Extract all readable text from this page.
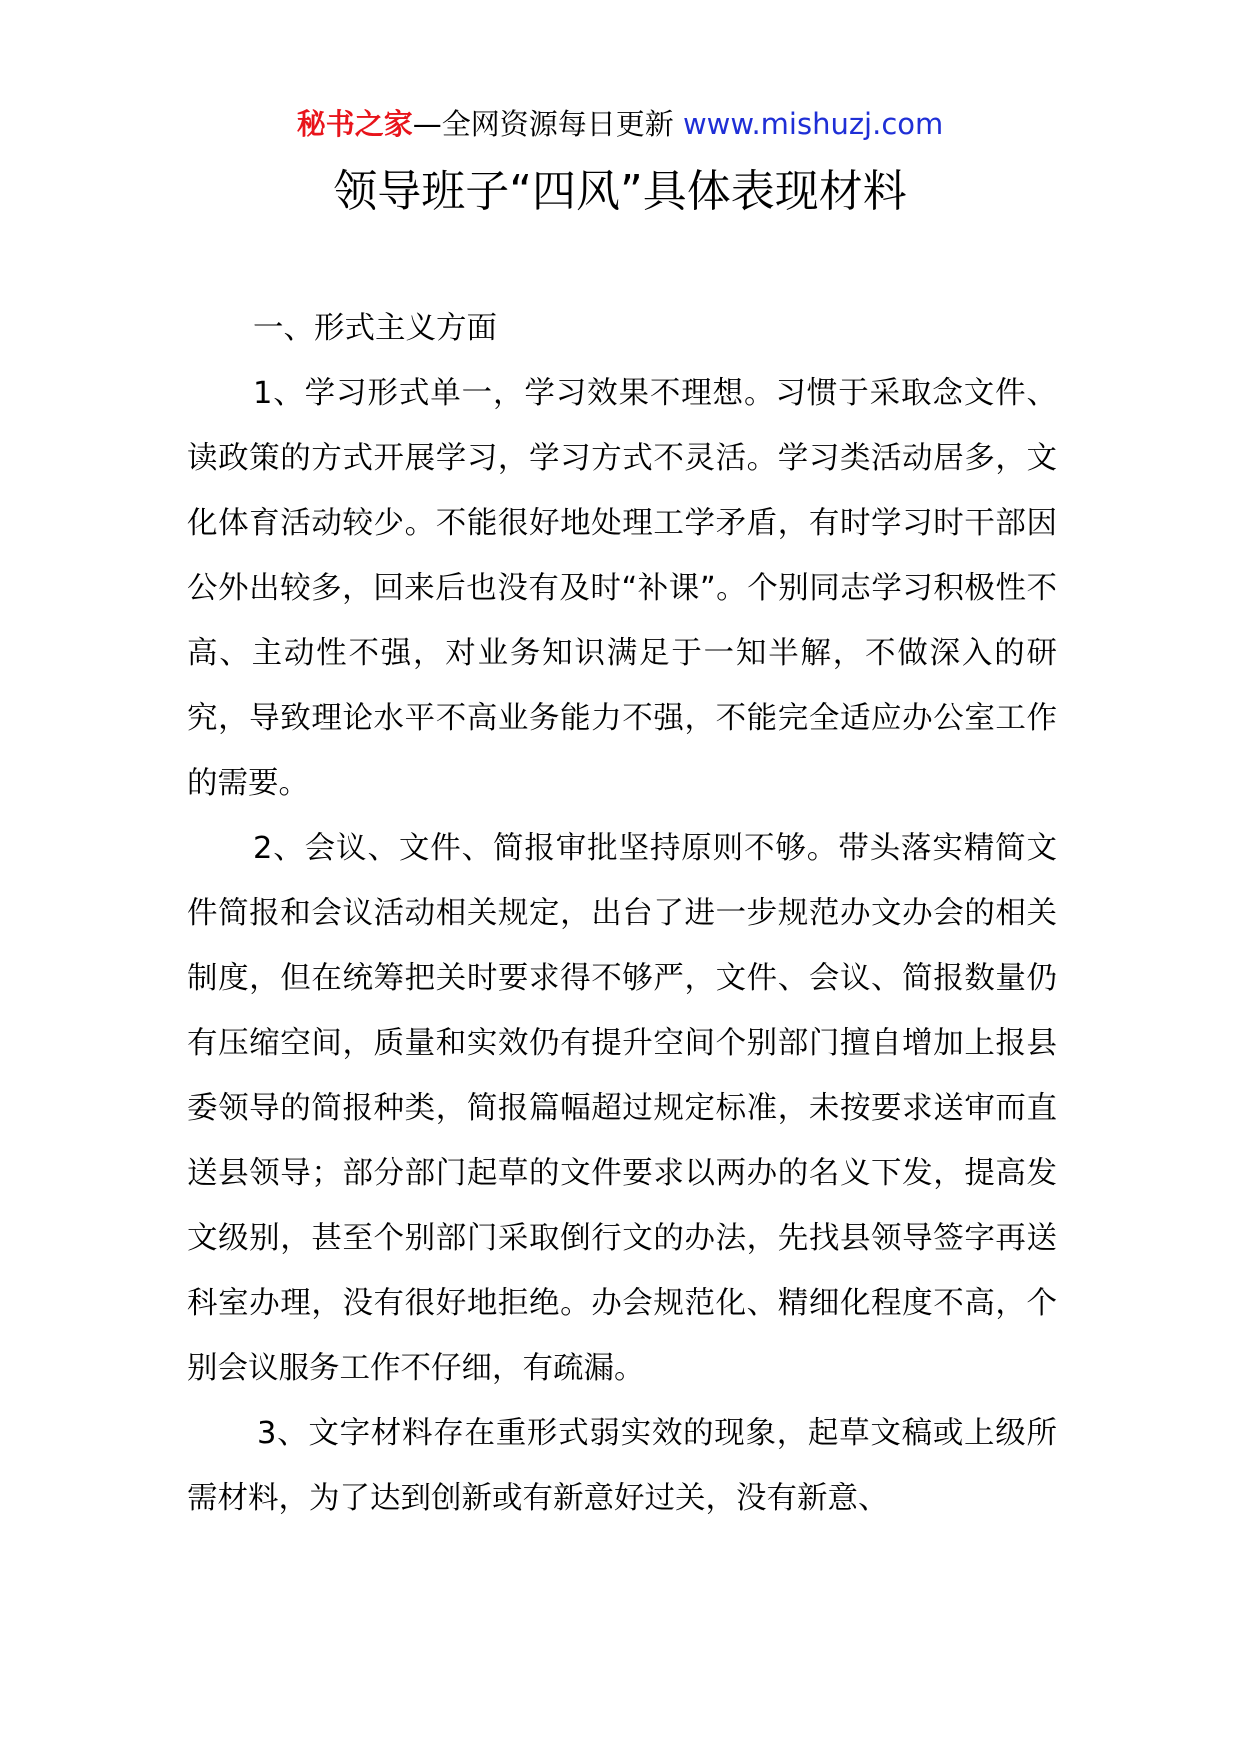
秘书之家—全网资源每日更新 www.mishuzj.com
领导班子“四风”具体表现材料

一、形式主义方面

1、学习形式单一，学习效果不理想。习惯于采取念文件、读政策的方式开展学习，学习方式不灵活。学习类活动居多，文化体育活动较少。不能很好地处理工学矛盾，有时学习时干部因公外出较多，回来后也没有及时“补课”。个别同志学习积极性不高、主动性不强，对业务知识满足于一知半解，不做深入的研究，导致理论水平不高业务能力不强，不能完全适应办公室工作的需要。

2、会议、文件、简报审批坚持原则不够。带头落实精简文件简报和会议活动相关规定，出台了进一步规范办文办会的相关制度，但在统筹把关时要求得不够严，文件、会议、简报数量仍有压缩空间，质量和实效仍有提升空间个别部门擅自增加上报县委领导的简报种类，简报篇幅超过规定标准，未按要求送审而直送县领导；部分部门起草的文件要求以两办的名义下发，提高发文级别，甚至个别部门采取倒行文的办法，先找县领导签字再送科室办理，没有很好地拒绝。办会规范化、精细化程度不高，个别会议服务工作不仔细，有疏漏。

3、文字材料存在重形式弱实效的现象，起草文稿或上级所需材料，为了达到创新或有新意好过关，没有新意、
